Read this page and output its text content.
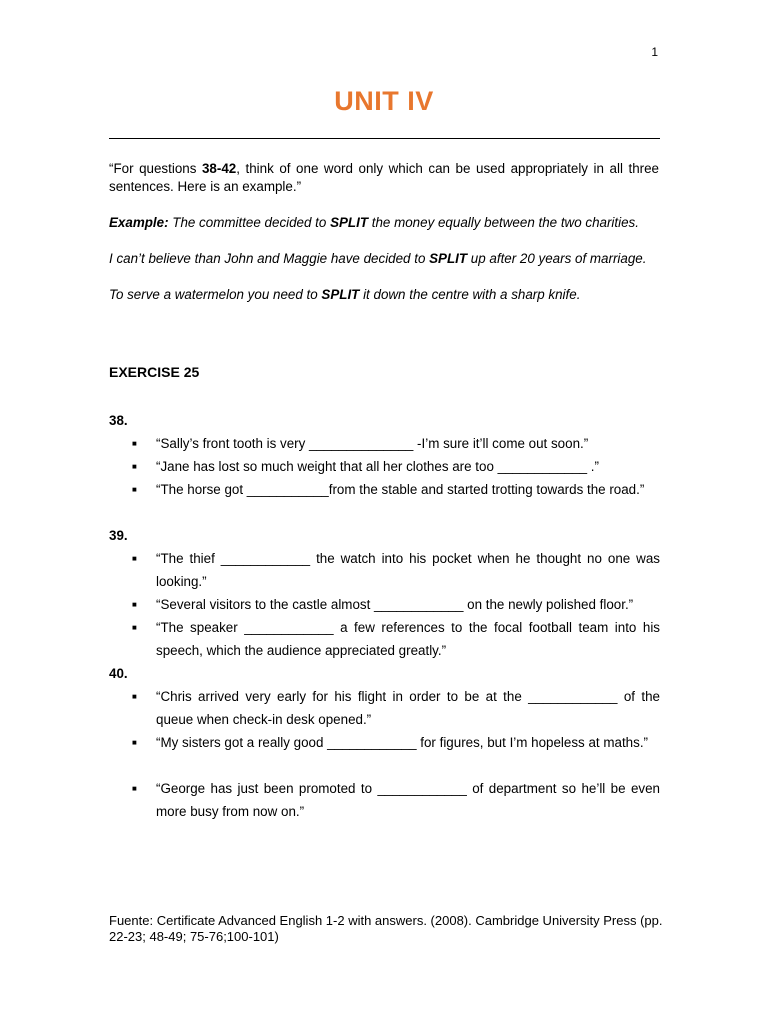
1
UNIT IV

“For questions 38-42, think of one word only which can be used appropriately in all three sentences. Here is an example.”

Example: The committee decided to SPLIT the money equally between the two charities.

I can’t believe than John and Maggie have decided to SPLIT up after 20 years of marriage.

To serve a watermelon you need to SPLIT it down the centre with a sharp knife.

EXERCISE 25
38.
■ “Sally’s front tooth is very ______________ -I’m sure it’ll come out soon.”
■ “Jane has lost so much weight that all her clothes are too ____________ .”
■ “The horse got ___________from the stable and started trotting towards the road.”
39.
■ “The thief ____________ the watch into his pocket when he thought no one was looking.”
■ “Several visitors to the castle almost ____________ on the newly polished floor.”
■ “The speaker ____________ a few references to the focal football team into his speech, which the audience appreciated greatly.”
40.
■ “Chris arrived very early for his flight in order to be at the ____________ of the queue when check-in desk opened.”
■ “My sisters got a really good ____________ for figures, but I’m hopeless at maths.”
■ “George has just been promoted to ____________ of department so he’ll be even more busy from now on.”
Fuente: Certificate Advanced English 1-2 with answers. (2008). Cambridge University Press (pp. 22-23; 48-49; 75-76;100-101)
